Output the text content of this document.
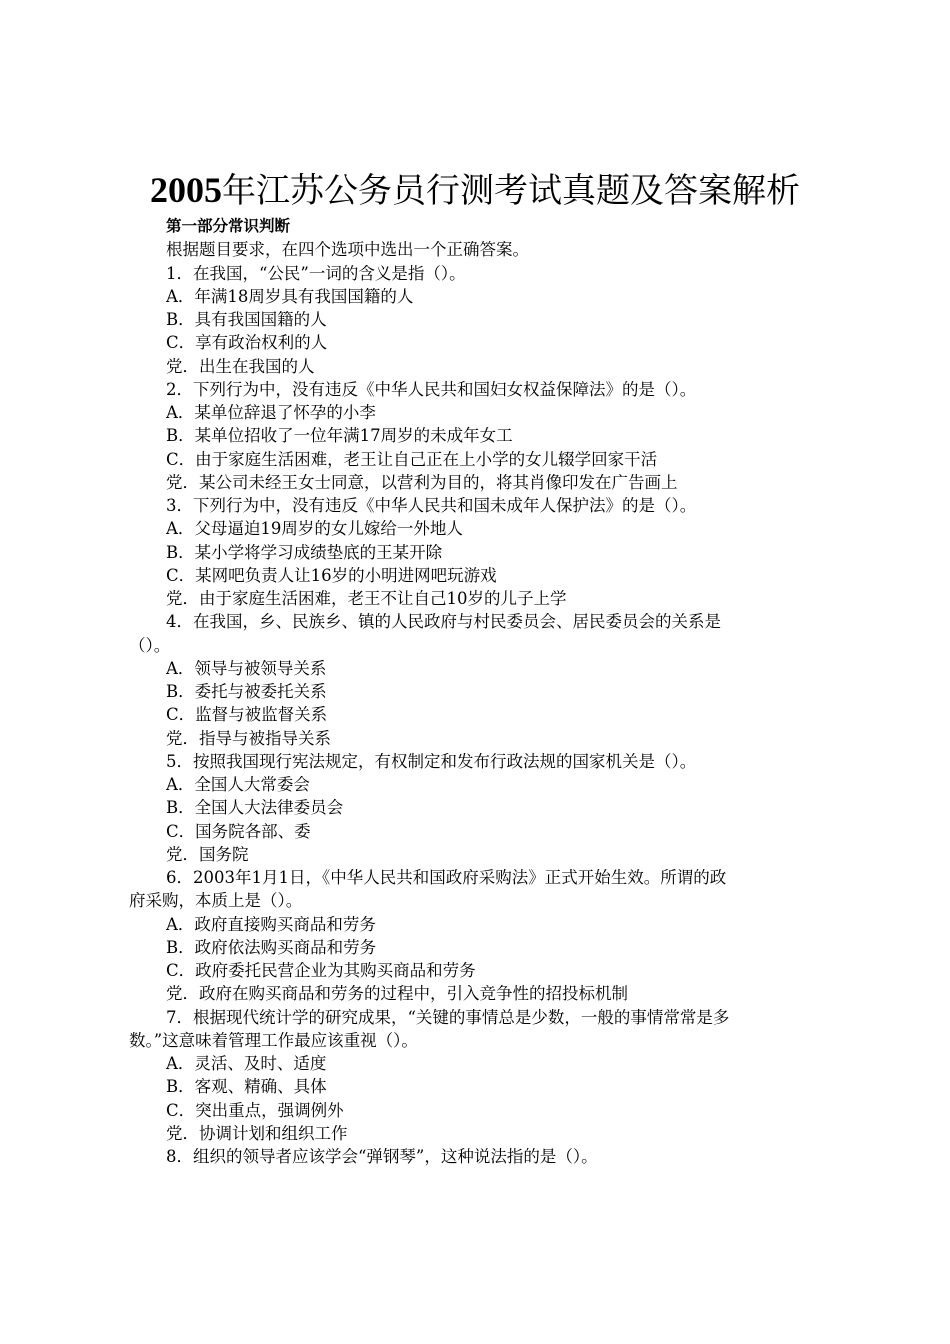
2005年江苏公务员行测考试真题及答案解析
第一部分常识判断
根据题目要求，在四个选项中选出一个正确答案。
1．在我国，“公民”一词的含义是指（）。
A．年满18周岁具有我国国籍的人
B．具有我国国籍的人
C．享有政治权利的人
党．出生在我国的人
2．下列行为中，没有违反《中华人民共和国妇女权益保障法》的是（）。
A．某单位辞退了怀孕的小李
B．某单位招收了一位年满17周岁的未成年女工
C．由于家庭生活困难，老王让自己正在上小学的女儿辍学回家干活
党．某公司未经王女士同意，以营利为目的，将其肖像印发在广告画上
3．下列行为中，没有违反《中华人民共和国未成年人保护法》的是（）。
A．父母逼迫19周岁的女儿嫁给一外地人
B．某小学将学习成绩垫底的王某开除
C．某网吧负责人让16岁的小明进网吧玩游戏
党．由于家庭生活困难，老王不让自己10岁的儿子上学
4．在我国，乡、民族乡、镇的人民政府与村民委员会、居民委员会的关系是
（）。
A．领导与被领导关系
B．委托与被委托关系
C．监督与被监督关系
党．指导与被指导关系
5．按照我国现行宪法规定，有权制定和发布行政法规的国家机关是（）。
A．全国人大常委会
B．全国人大法律委员会
C．国务院各部、委
党．国务院
6．2003年1月1日，《中华人民共和国政府采购法》正式开始生效。所谓的政
府采购，本质上是（）。
A．政府直接购买商品和劳务
B．政府依法购买商品和劳务
C．政府委托民营企业为其购买商品和劳务
党．政府在购买商品和劳务的过程中，引入竞争性的招投标机制
7．根据现代统计学的研究成果，“关键的事情总是少数，一般的事情常常是多
数。”这意味着管理工作最应该重视（）。
A．灵活、及时、适度
B．客观、精确、具体
C．突出重点，强调例外
党．协调计划和组织工作
8．组织的领导者应该学会“弹钢琴”，这种说法指的是（）。
